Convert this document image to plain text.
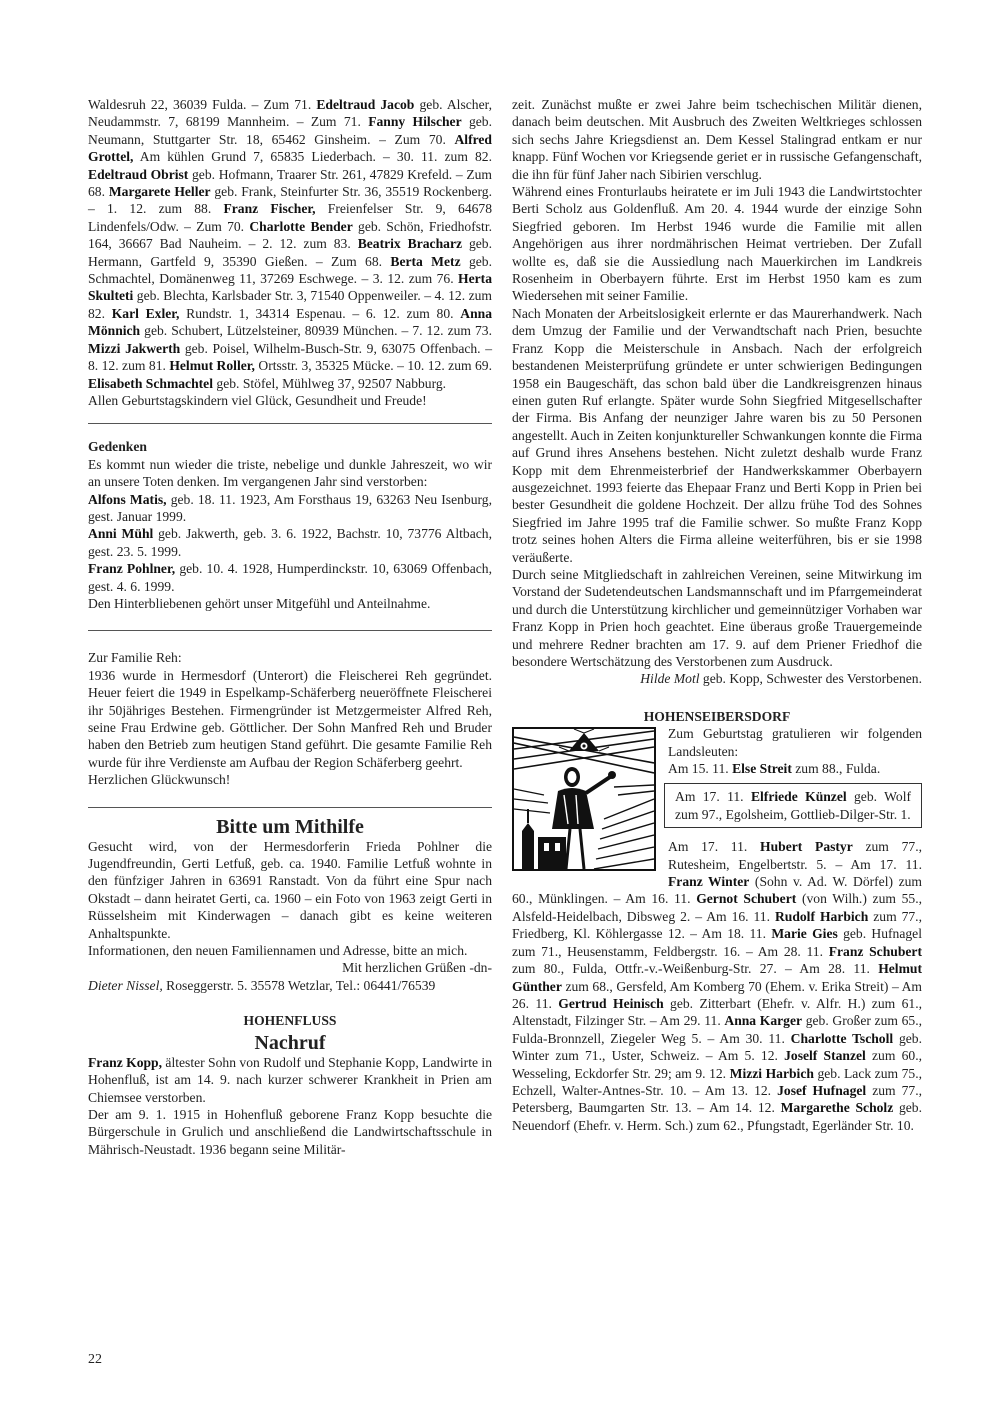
Waldesruh 22, 36039 Fulda. – Zum 71. Edeltraud Jacob geb. Alscher, Neudammstr. 7, 68199 Mannheim. – Zum 71. Fanny Hilscher geb. Neumann, Stuttgarter Str. 18, 65462 Ginsheim. – Zum 70. Alfred Grottel, Am kühlen Grund 7, 65835 Liederbach. – 30. 11. zum 82. Edeltraud Obrist geb. Hofmann, Traarer Str. 261, 47829 Krefeld. – Zum 68. Margarete Heller geb. Frank, Steinfurter Str. 36, 35519 Rockenberg. – 1. 12. zum 88. Franz Fischer, Freienfelser Str. 9, 64678 Lindenfels/Odw. – Zum 70. Charlotte Bender geb. Schön, Friedhofstr. 164, 36667 Bad Nauheim. – 2. 12. zum 83. Beatrix Bracharz geb. Hermann, Gartfeld 9, 35390 Gießen. – Zum 68. Berta Metz geb. Schmachtel, Domänenweg 11, 37269 Eschwege. – 3. 12. zum 76. Herta Skulteti geb. Blechta, Karlsbader Str. 3, 71540 Oppenweiler. – 4. 12. zum 82. Karl Exler, Rundstr. 1, 34314 Espenau. – 6. 12. zum 80. Anna Mönnich geb. Schubert, Lützelsteiner, 80939 München. – 7. 12. zum 73. Mizzi Jakwerth geb. Poisel, Wilhelm-Busch-Str. 9, 63075 Offenbach. – 8. 12. zum 81. Helmut Roller, Ortsstr. 3, 35325 Mücke. – 10. 12. zum 69. Elisabeth Schmachtel geb. Stöfel, Mühlweg 37, 92507 Nabburg.

Allen Geburtstagskindern viel Glück, Gesundheit und Freude!

Gedenken

Es kommt nun wieder die triste, nebelige und dunkle Jahreszeit, wo wir an unsere Toten denken. Im vergangenen Jahr sind verstorben:

Alfons Matis, geb. 18. 11. 1923, Am Forsthaus 19, 63263 Neu Isenburg, gest. Januar 1999.

Anni Mühl geb. Jakwerth, geb. 3. 6. 1922, Bachstr. 10, 73776 Altbach, gest. 23. 5. 1999.

Franz Pohlner, geb. 10. 4. 1928, Humperdinckstr. 10, 63069 Offenbach, gest. 4. 6. 1999.

Den Hinterbliebenen gehört unser Mitgefühl und Anteilnahme.

Zur Familie Reh:

1936 wurde in Hermesdorf (Unterort) die Fleischerei Reh gegründet. Heuer feiert die 1949 in Espelkamp-Schäferberg neueröffnete Fleischerei ihr 50jähriges Bestehen. Firmengründer ist Metzgermeister Alfred Reh, seine Frau Erdwine geb. Göttlicher. Der Sohn Manfred Reh und Bruder haben den Betrieb zum heutigen Stand geführt. Die gesamte Familie Reh wurde für ihre Verdienste am Aufbau der Region Schäferberg geehrt.

Herzlichen Glückwunsch!

Bitte um Mithilfe

Gesucht wird, von der Hermesdorferin Frieda Pohlner die Jugendfreundin, Gerti Letfuß, geb. ca. 1940. Familie Letfuß wohnte in den fünfziger Jahren in 63691 Ranstadt. Von da führt eine Spur nach Okstadt – dann heiratet Gerti, ca. 1960 – ein Foto von 1963 zeigt Gerti in Rüsselsheim mit Kinderwagen – danach gibt es keine weiteren Anhaltspunkte.

Informationen, den neuen Familiennamen und Adresse, bitte an mich.

Mit herzlichen Grüßen -dn-

Dieter Nissel, Roseggerstr. 5. 35578 Wetzlar, Tel.: 06441/76539

HOHENFLUSS

Nachruf

Franz Kopp, ältester Sohn von Rudolf und Stephanie Kopp, Landwirte in Hohenfluß, ist am 14. 9. nach kurzer schwerer Krankheit in Prien am Chiemsee verstorben.

Der am 9. 1. 1915 in Hohenfluß geborene Franz Kopp besuchte die Bürgerschule in Grulich und anschließend die Landwirtschaftsschule in Mährisch-Neustadt. 1936 begann seine Militär-

zeit. Zunächst mußte er zwei Jahre beim tschechischen Militär dienen, danach beim deutschen. Mit Ausbruch des Zweiten Weltkrieges schlossen sich sechs Jahre Kriegsdienst an. Dem Kessel Stalingrad entkam er nur knapp. Fünf Wochen vor Kriegsende geriet er in russische Gefangenschaft, die ihn für fünf Jaher nach Sibirien verschlug.

Während eines Fronturlaubs heiratete er im Juli 1943 die Landwirtstochter Berti Scholz aus Goldenfluß. Am 20. 4. 1944 wurde der einzige Sohn Siegfried geboren. Im Herbst 1946 wurde die Familie mit allen Angehörigen aus ihrer nordmährischen Heimat vertrieben. Der Zufall wollte es, daß sie die Aussiedlung nach Mauerkirchen im Landkreis Rosenheim in Oberbayern führte. Erst im Herbst 1950 kam es zum Wiedersehen mit seiner Familie.

Nach Monaten der Arbeitslosigkeit erlernte er das Maurerhandwerk. Nach dem Umzug der Familie und der Verwandtschaft nach Prien, besuchte Franz Kopp die Meisterschule in Ansbach. Nach der erfolgreich bestandenen Meisterprüfung gründete er unter schwierigen Bedingungen 1958 ein Baugeschäft, das schon bald über die Landkreisgrenzen hinaus einen guten Ruf erlangte. Später wurde Sohn Siegfried Mitgesellschafter der Firma. Bis Anfang der neunziger Jahre waren bis zu 50 Personen angestellt. Auch in Zeiten konjunktureller Schwankungen konnte die Firma auf Grund ihres Ansehens bestehen. Nicht zuletzt deshalb wurde Franz Kopp mit dem Ehrenmeisterbrief der Handwerkskammer Oberbayern ausgezeichnet. 1993 feierte das Ehepaar Franz und Berti Kopp in Prien bei bester Gesundheit die goldene Hochzeit. Der allzu frühe Tod des Sohnes Siegfried im Jahre 1995 traf die Familie schwer. So mußte Franz Kopp trotz seines hohen Alters die Firma alleine weiterführen, bis er sie 1998 veräußerte.

Durch seine Mitgliedschaft in zahlreichen Vereinen, seine Mitwirkung im Vorstand der Sudetendeutschen Landsmannschaft und im Pfarrgemeinderat und durch die Unterstützung kirchlicher und gemeinnütziger Vorhaben war Franz Kopp in Prien hoch geachtet. Eine überaus große Trauergemeinde und mehrere Redner brachten am 17. 9. auf dem Priener Friedhof die besondere Wertschätzung des Verstorbenen zum Ausdruck.

Hilde Motl geb. Kopp, Schwester des Verstorbenen.

HOHENSEIBERSDORF

Zum Geburtstag gratulieren wir folgenden Landsleuten:

Am 15. 11. Else Streit zum 88., Fulda.

Am 17. 11. Elfriede Künzel geb. Wolf zum 97., Egolsheim, Gottlieb-Dilger-Str. 1.

Am 17. 11. Hubert Pastyr zum 77., Rutesheim, Engelbertstr. 5. – Am 17. 11. Franz Winter (Sohn v. Ad. W. Dörfel) zum 60., Münklingen. – Am 16. 11. Gernot Schubert (von Wilh.) zum 55., Alsfeld-Heidelbach, Dibsweg 2. – Am 16. 11. Rudolf Harbich zum 77., Friedberg, Kl. Köhlergasse 12. – Am 18. 11. Marie Gies geb. Hufnagel zum 71., Heusenstamm, Feldbergstr. 16. – Am 28. 11. Franz Schubert zum 80., Fulda, Ottfr.-v.-Weißenburg-Str. 27. – Am 28. 11. Helmut Günther zum 68., Gersfeld, Am Komberg 70 (Ehem. v. Erika Streit) – Am 26. 11. Gertrud Heinisch geb. Zitterbart (Ehefr. v. Alfr. H.) zum 61., Altenstadt, Filzinger Str. – Am 29. 11. Anna Karger geb. Großer zum 65., Fulda-Bronnzell, Ziegeler Weg 5. – Am 30. 11. Charlotte Tscholl geb. Winter zum 71., Uster, Schweiz. – Am 5. 12. Joself Stanzel zum 60., Wesseling, Eckdorfer Str. 29; am 9. 12. Mizzi Harbich geb. Lack zum 75., Echzell, Walter-Antnes-Str. 10. – Am 13. 12. Josef Hufnagel zum 77., Petersberg, Baumgarten Str. 13. – Am 14. 12. Margarethe Scholz geb. Neuendorf (Ehefr. v. Herm. Sch.) zum 62., Pfungstadt, Egerländer Str. 10.

22
